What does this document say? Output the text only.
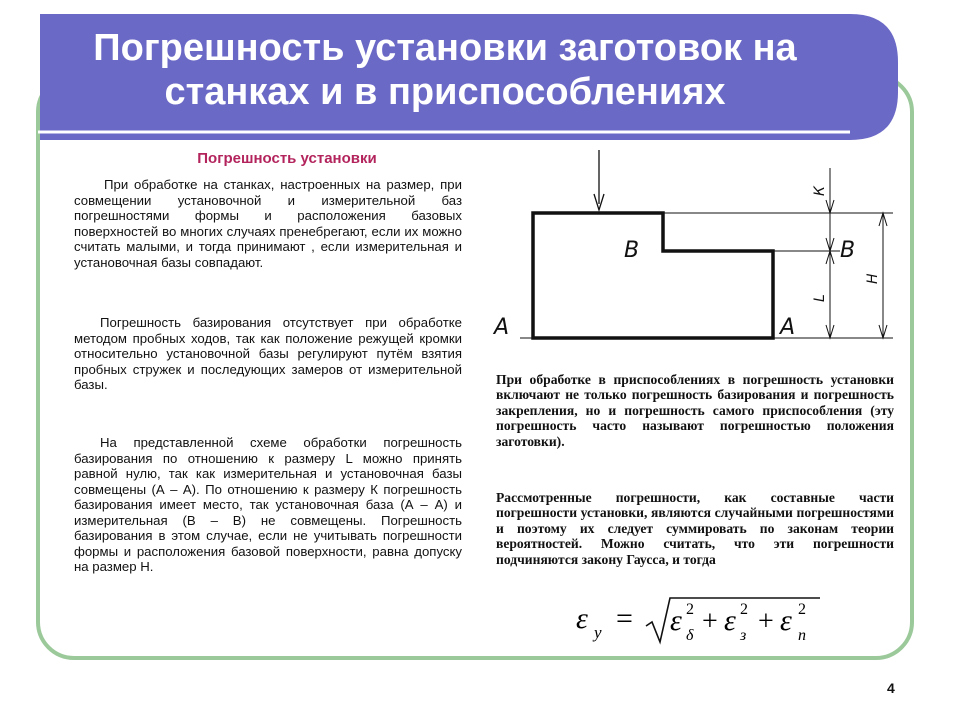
Погрешность установки заготовок на
станках и в приспособлениях
Погрешность установки
При обработке на станках, настроенных на размер, при совмещении установочной и измерительной баз погрешностями формы и расположения базовых поверхностей во многих случаях пренебрегают, если их можно считать малыми, и тогда принимают , если измерительная и установочная базы совпадают.
Погрешность базирования отсутствует при обработке методом пробных ходов, так как положение режущей кромки относительно установочной базы регулируют путём взятия пробных стружек и последующих замеров от измерительной базы.
На представленной схеме обработки погрешность базирования по отношению к размеру L можно принять равной нулю, так как измерительная и установочная базы совмещены (А – А). По отношению к размеру К погрешность базирования имеет место, так установочная база (А – А) и измерительная (В – В) не совмещены. Погрешность базирования в этом случае, если не учитывать погрешности формы и расположения базовой поверхности, равна допуску на размер Н.
А	А
В	В
К
L
Н
При обработке в приспособлениях в погрешность установки включают не только погрешность базирования и погрешность закрепления, но и погрешность самого приспособления (эту погрешность часто называют погрешностью положения заготовки).
Рассмотренные погрешности, как составные части погрешности установки, являются случайными погрешностями и поэтому их следует суммировать по законам теории вероятностей. Можно считать, что эти погрешности подчиняются закону Гаусса, и тогда
ε у = ε 2
δ + ε 2
з + ε 2
п
4
